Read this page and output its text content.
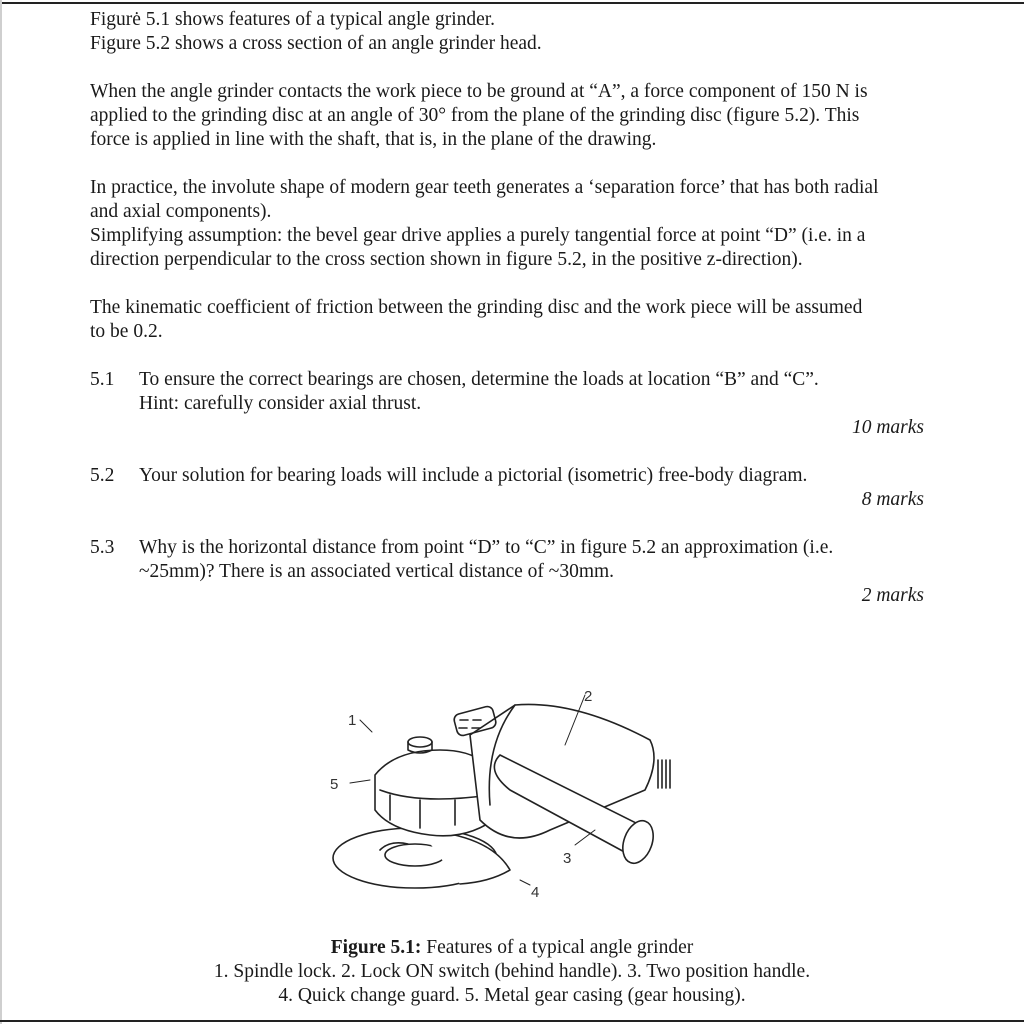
Figurė 5.1 shows features of a typical angle grinder.
Figure 5.2 shows a cross section of an angle grinder head.
When the angle grinder contacts the work piece to be ground at “A”, a force component of 150 N is
applied to the grinding disc at an angle of 30° from the plane of the grinding disc (figure 5.2). This
force is applied in line with the shaft, that is, in the plane of the drawing.
In practice, the involute shape of modern gear teeth generates a ‘separation force’ that has both radial
and axial components).
Simplifying assumption: the bevel gear drive applies a purely tangential force at point “D” (i.e. in a
direction perpendicular to the cross section shown in figure 5.2, in the positive z-direction).
The kinematic coefficient of friction between the grinding disc and the work piece will be assumed
to be 0.2.
5.1 To ensure the correct bearings are chosen, determine the loads at location “B” and “C”.
Hint: carefully consider axial thrust.
10 marks
5.2 Your solution for bearing loads will include a pictorial (isometric) free-body diagram.
8 marks
5.3 Why is the horizontal distance from point “D” to “C” in figure 5.2 an approximation (i.e.
~25mm)? There is an associated vertical distance of ~30mm.
2 marks
1
2
3
4
5
Figure 5.1: Features of a typical angle grinder
1. Spindle lock. 2. Lock ON switch (behind handle). 3. Two position handle.
4. Quick change guard. 5. Metal gear casing (gear housing).
